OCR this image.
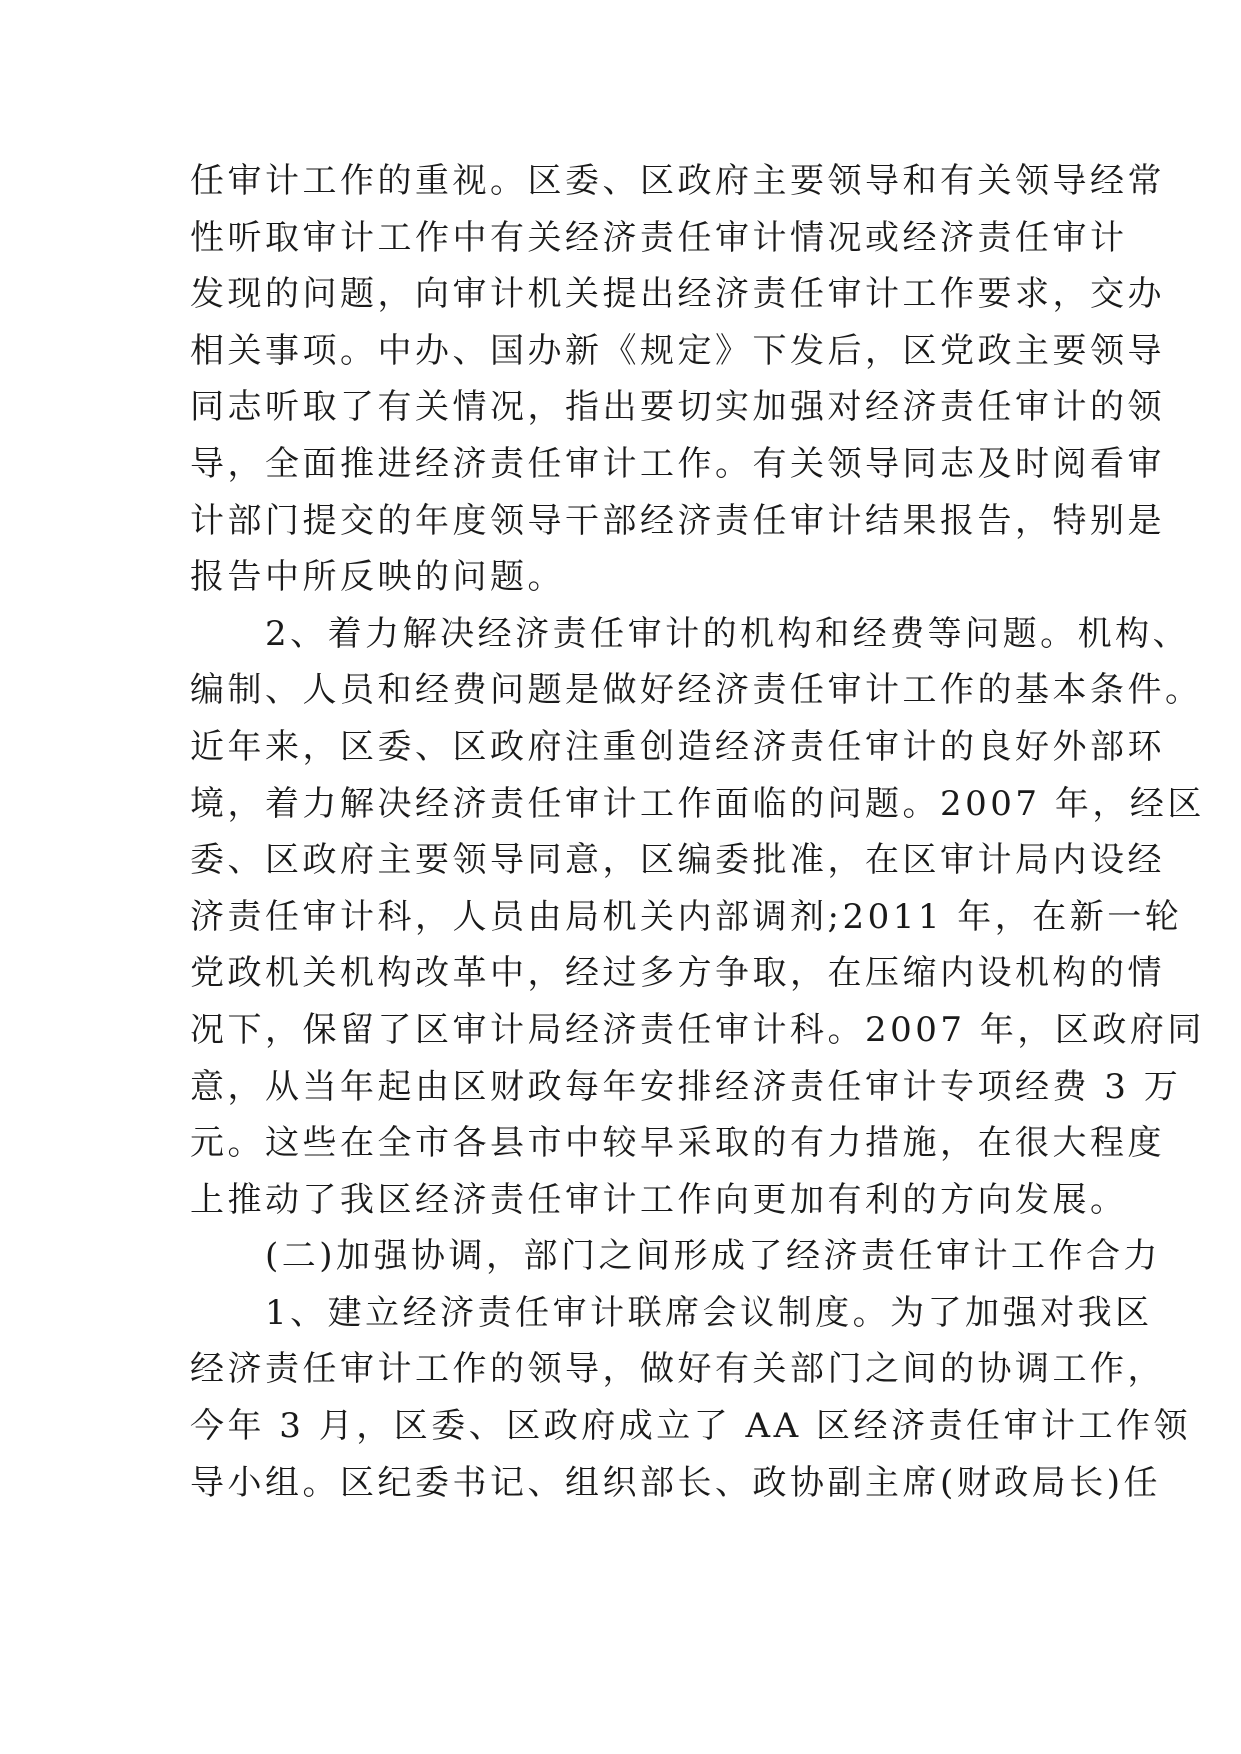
任审计工作的重视。区委、区政府主要领导和有关领导经常
性听取审计工作中有关经济责任审计情况或经济责任审计
发现的问题，向审计机关提出经济责任审计工作要求，交办
相关事项。中办、国办新《规定》下发后，区党政主要领导
同志听取了有关情况，指出要切实加强对经济责任审计的领
导，全面推进经济责任审计工作。有关领导同志及时阅看审
计部门提交的年度领导干部经济责任审计结果报告，特别是
报告中所反映的问题。
　　2、着力解决经济责任审计的机构和经费等问题。机构、
编制、人员和经费问题是做好经济责任审计工作的基本条件。
近年来，区委、区政府注重创造经济责任审计的良好外部环
境，着力解决经济责任审计工作面临的问题。2007 年，经区
委、区政府主要领导同意，区编委批准，在区审计局内设经
济责任审计科，人员由局机关内部调剂;2011 年，在新一轮
党政机关机构改革中，经过多方争取，在压缩内设机构的情
况下，保留了区审计局经济责任审计科。2007 年，区政府同
意，从当年起由区财政每年安排经济责任审计专项经费 3 万
元。这些在全市各县市中较早采取的有力措施，在很大程度
上推动了我区经济责任审计工作向更加有利的方向发展。
　　(二)加强协调，部门之间形成了经济责任审计工作合力
　　1、建立经济责任审计联席会议制度。为了加强对我区
经济责任审计工作的领导，做好有关部门之间的协调工作，
今年 3 月，区委、区政府成立了 AA 区经济责任审计工作领
导小组。区纪委书记、组织部长、政协副主席(财政局长)任
